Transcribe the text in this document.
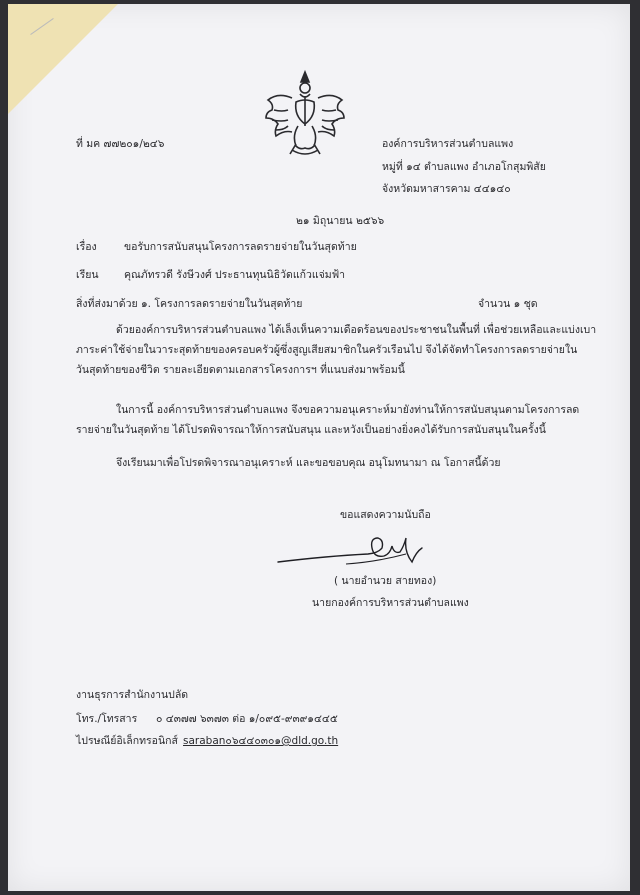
ที่ มค ๗๗๒๐๑/๒๔๖	องค์การบริหารส่วนตำบลแพง
หมู่ที่ ๑๔ ตำบลแพง อำเภอโกสุมพิสัย
จังหวัดมหาสารคาม ๔๔๑๔๐
๒๑ มิถุนายน ๒๕๖๖
เรื่อง	ขอรับการสนับสนุนโครงการลดรายจ่ายในวันสุดท้าย
เรียน คุณภัทรวดี รังษีวงศ์ ประธานทุนนิธิวัดแก้วแจ่มฟ้า
สิ่งที่ส่งมาด้วย ๑. โครงการลดรายจ่ายในวันสุดท้าย	จำนวน ๑ ชุด
ด้วยองค์การบริหารส่วนตำบลแพง ได้เล็งเห็นความเดือดร้อนของประชาชนในพื้นที่ เพื่อช่วยเหลือและแบ่งเบา
ภาระค่าใช้จ่ายในวาระสุดท้ายของครอบครัวผู้ซึ่งสูญเสียสมาชิกในครัวเรือนไป จึงได้จัดทำโครงการลดรายจ่ายใน
วันสุดท้ายของชีวิต รายละเอียดตามเอกสารโครงการฯ ที่แนบส่งมาพร้อมนี้
ในการนี้ องค์การบริหารส่วนตำบลแพง จึงขอความอนุเคราะห์มายังท่านให้การสนับสนุนตามโครงการลด
รายจ่ายในวันสุดท้าย ได้โปรดพิจารณาให้การสนับสนุน และหวังเป็นอย่างยิ่งคงได้รับการสนับสนุนในครั้งนี้
จึงเรียนมาเพื่อโปรดพิจารณาอนุเคราะห์ และขอขอบคุณ อนุโมทนามา ณ โอกาสนี้ด้วย
ขอแสดงความนับถือ
( นายอำนวย สายทอง)
นายกองค์การบริหารส่วนตำบลแพง
งานธุรการสำนักงานปลัด
โทร./โทรสาร ๐ ๔๓๗๗ ๖๓๗๓ ต่อ ๑/๐๙๕-๙๓๙๑๔๔๕
ไปรษณีย์อิเล็กทรอนิกส์ saraban๐๖๔๔๐๓๐๑@dld.go.th
